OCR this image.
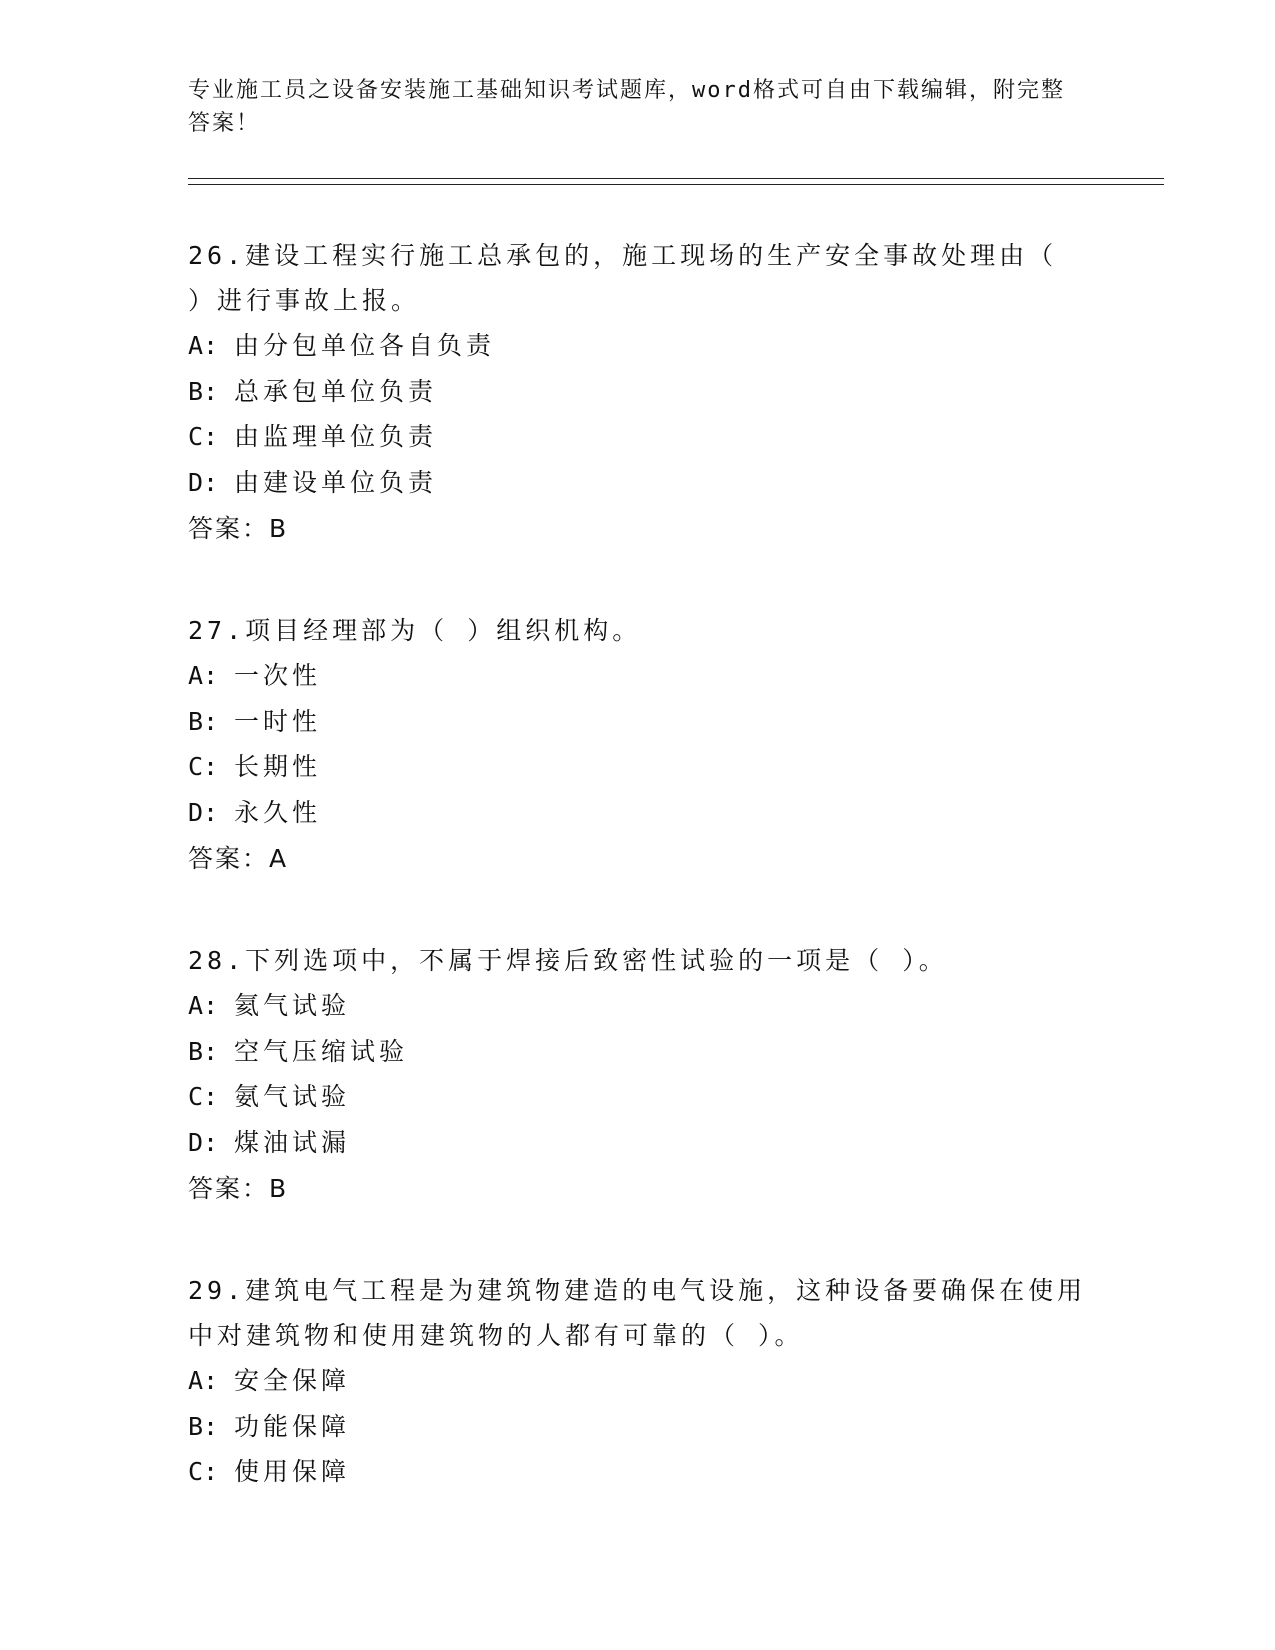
专业施工员之设备安装施工基础知识考试题库，word格式可自由下载编辑，附完整答案！
26.建设工程实行施工总承包的，施工现场的生产安全事故处理由（ ）进行事故上报。
A: 由分包单位各自负责
B: 总承包单位负责
C: 由监理单位负责
D: 由建设单位负责
答案：B
27.项目经理部为（ ）组织机构。
A: 一次性
B: 一时性
C: 长期性
D: 永久性
答案：A
28.下列选项中，不属于焊接后致密性试验的一项是（ ）。
A: 氦气试验
B: 空气压缩试验
C: 氨气试验
D: 煤油试漏
答案：B
29.建筑电气工程是为建筑物建造的电气设施，这种设备要确保在使用中对建筑物和使用建筑物的人都有可靠的（ ）。
A: 安全保障
B: 功能保障
C: 使用保障
